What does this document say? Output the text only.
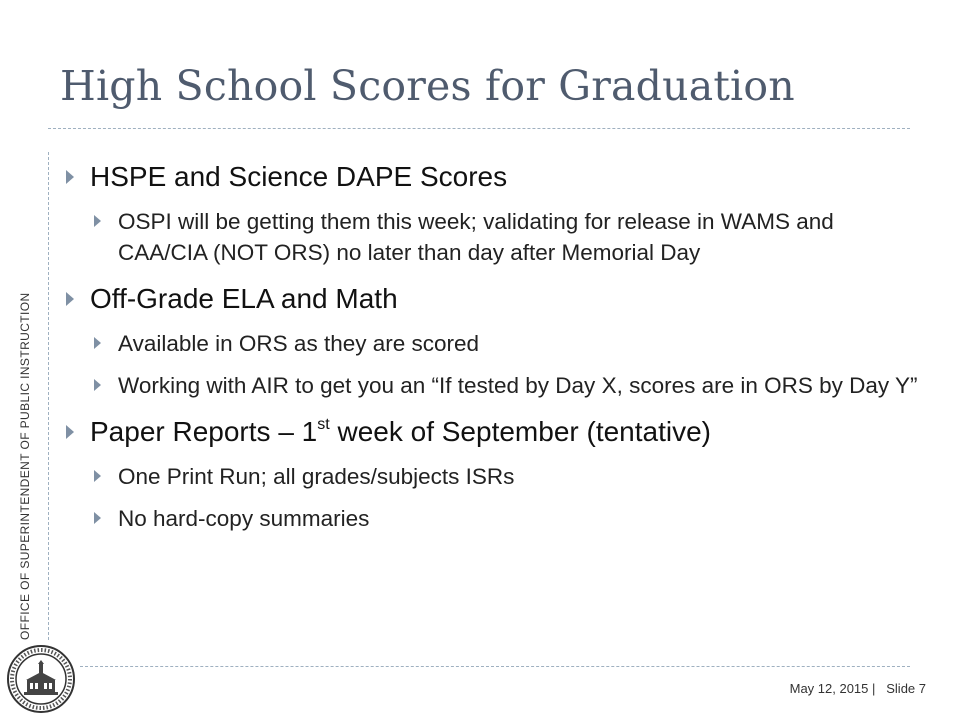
High School Scores for Graduation
OFFICE OF SUPERINTENDENT OF PUBLIC INSTRUCTION
HSPE and Science DAPE Scores
OSPI will be getting them this week; validating for release in WAMS and CAA/CIA (NOT ORS) no later than day after Memorial Day
Off-Grade ELA and Math
Available in ORS as they are scored
Working with AIR to get you an “If tested by Day X, scores are in ORS by Day Y”
Paper Reports – 1st week of September (tentative)
One Print Run; all grades/subjects ISRs
No hard-copy summaries
May 12, 2015 | Slide 7
